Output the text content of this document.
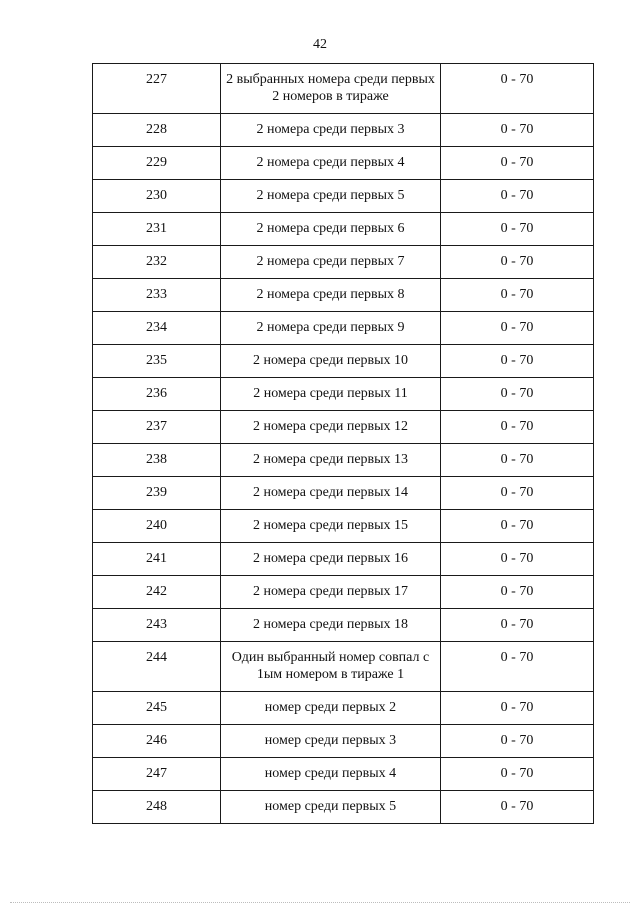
42
227	2 выбранных номера среди первых 2 номеров в тираже	0 - 70
228	2 номера среди первых 3	0 - 70
229	2 номера среди первых 4	0 - 70
230	2 номера среди первых 5	0 - 70
231	2 номера среди первых 6	0 - 70
232	2 номера среди первых 7	0 - 70
233	2 номера среди первых 8	0 - 70
234	2 номера среди первых 9	0 - 70
235	2 номера среди первых 10	0 - 70
236	2 номера среди первых 11	0 - 70
237	2 номера среди первых 12	0 - 70
238	2 номера среди первых 13	0 - 70
239	2 номера среди первых 14	0 - 70
240	2 номера среди первых 15	0 - 70
241	2 номера среди первых 16	0 - 70
242	2 номера среди первых 17	0 - 70
243	2 номера среди первых 18	0 - 70
244	Один выбранный номер совпал с 1ым номером в тираже 1	0 - 70
245	номер среди первых 2	0 - 70
246	номер среди первых 3	0 - 70
247	номер среди первых 4	0 - 70
248	номер среди первых 5	0 - 70
